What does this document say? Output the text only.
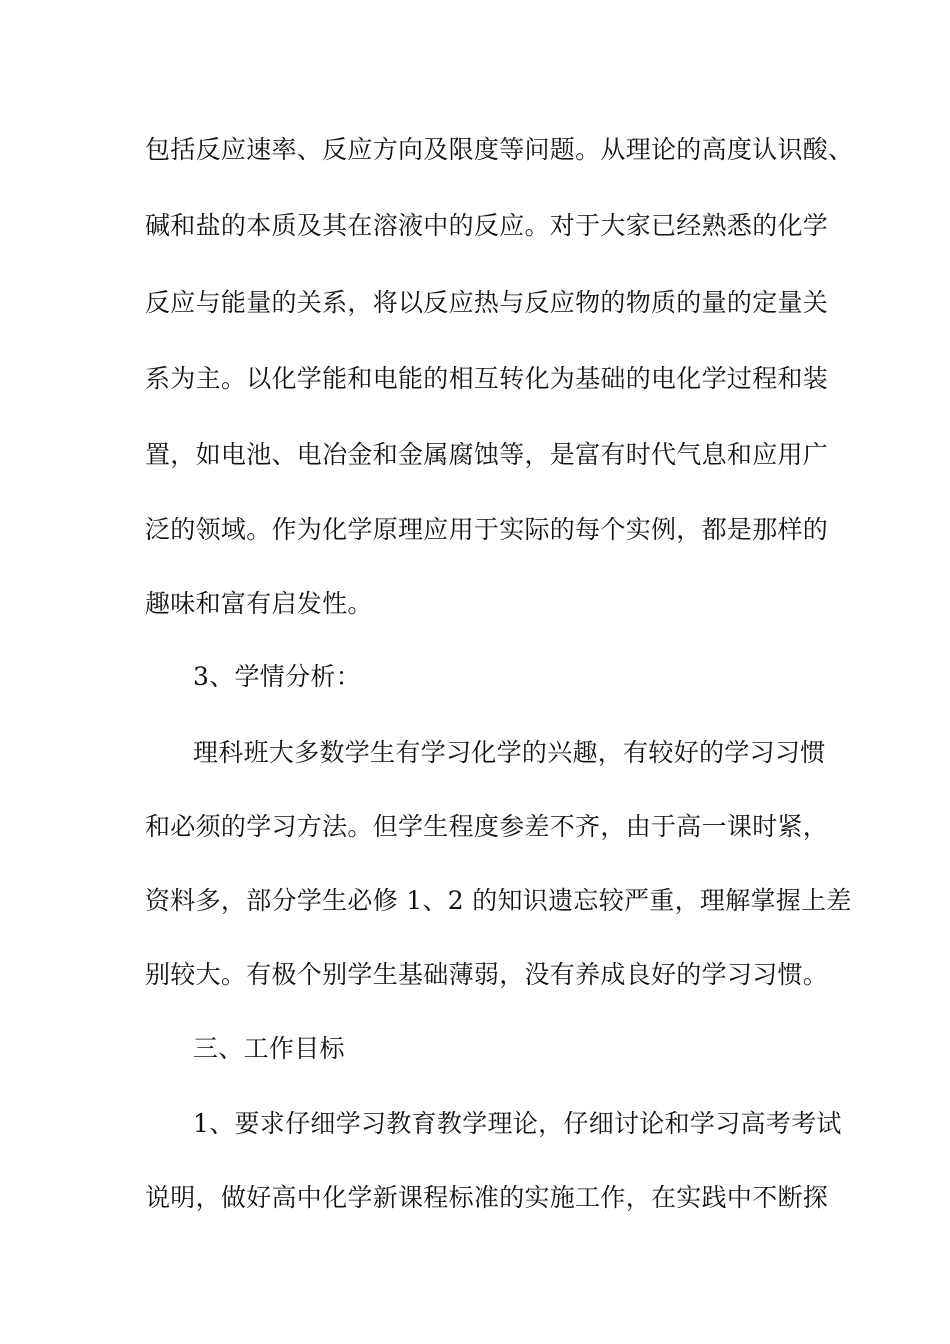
包括反应速率、反应方向及限度等问题。从理论的高度认识酸、
碱和盐的本质及其在溶液中的反应。对于大家已经熟悉的化学
反应与能量的关系，将以反应热与反应物的物质的量的定量关
系为主。以化学能和电能的相互转化为基础的电化学过程和装
置，如电池、电冶金和金属腐蚀等，是富有时代气息和应用广
泛的领域。作为化学原理应用于实际的每个实例，都是那样的
趣味和富有启发性。
3、学情分析：
理科班大多数学生有学习化学的兴趣，有较好的学习习惯
和必须的学习方法。但学生程度参差不齐，由于高一课时紧，
资料多，部分学生必修 1、2 的知识遗忘较严重，理解掌握上差
别较大。有极个别学生基础薄弱，没有养成良好的学习习惯。
三、工作目标
1、要求仔细学习教育教学理论，仔细讨论和学习高考考试
说明，做好高中化学新课程标准的实施工作，在实践中不断探
